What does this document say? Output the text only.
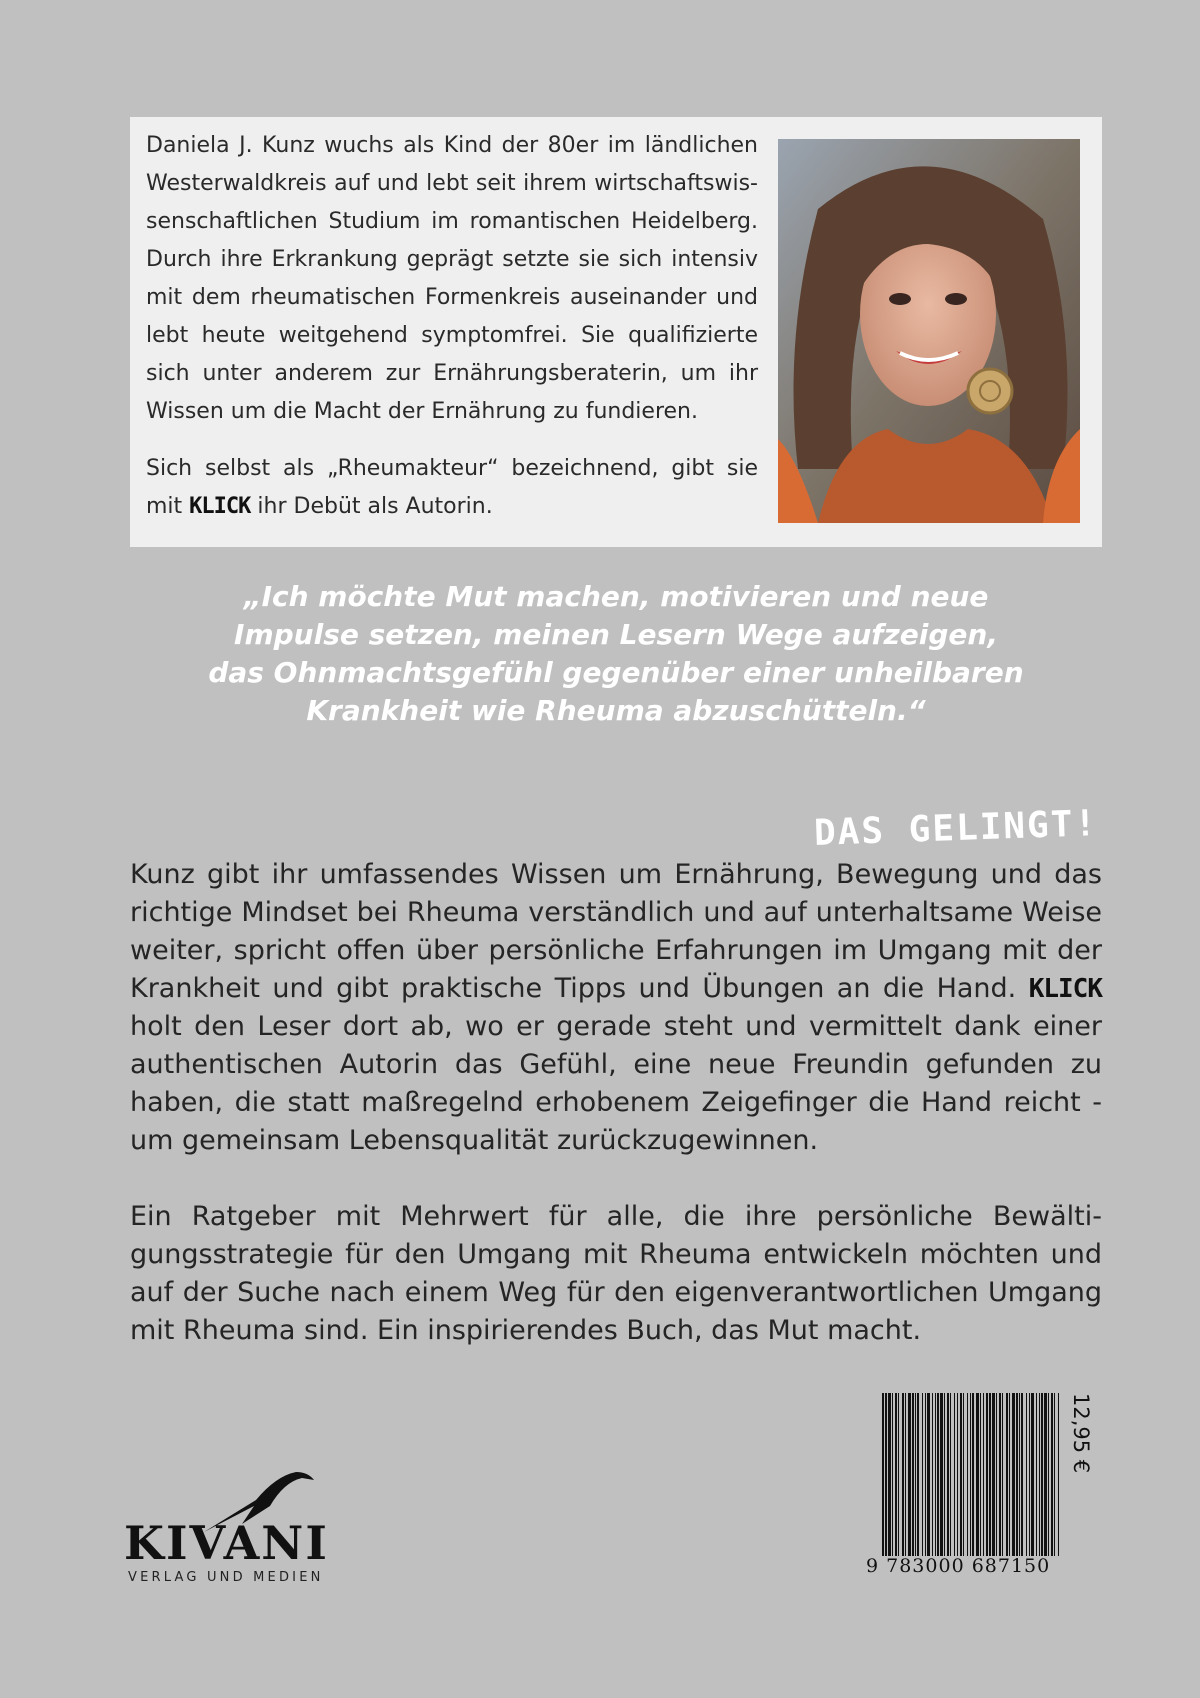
Daniela J. Kunz wuchs als Kind der 80er im ländlichen Westerwaldkreis auf und lebt seit ihrem wirtschaftswissenschaftlichen Studium im romantischen Heidelberg. Durch ihre Erkrankung geprägt setzte sie sich intensiv mit dem rheumatischen Formenkreis auseinander und lebt heute weitgehend symptomfrei. Sie qualifizierte sich unter anderem zur Ernährungsberaterin, um ihr Wissen um die Macht der Ernährung zu fundieren.

Sich selbst als „Rheumakteur“ bezeichnend, gibt sie mit KLICK ihr Debüt als Autorin.

„Ich möchte Mut machen, motivieren und neue
Impulse setzen, meinen Lesern Wege aufzeigen,
das Ohnmachtsgefühl gegenüber einer unheilbaren
Krankheit wie Rheuma abzuschütteln.“
DAS GELINGT!

Kunz gibt ihr umfassendes Wissen um Ernährung, Bewegung und das richtige Mindset bei Rheuma verständlich und auf unterhaltsame Weise weiter, spricht offen über persönliche Erfahrungen im Umgang mit der Krankheit und gibt praktische Tipps und Übungen an die Hand. KLICK holt den Leser dort ab, wo er gerade steht und vermittelt dank einer authentischen Autorin das Gefühl, eine neue Freundin gefunden zu haben, die statt maßregelnd erhobenem Zeigefinger die Hand reicht - um gemeinsam Lebensqualität zurückzugewinnen.

Ein Ratgeber mit Mehrwert für alle, die ihre persönliche Bewältigungsstrategie für den Umgang mit Rheuma entwickeln möchten und auf der Suche nach einem Weg für den eigenverantwortlichen Umgang mit Rheuma sind. Ein inspirierendes Buch, das Mut macht.

KIVANI
VERLAG UND MEDIEN
9 783000 687150
12,95 €
